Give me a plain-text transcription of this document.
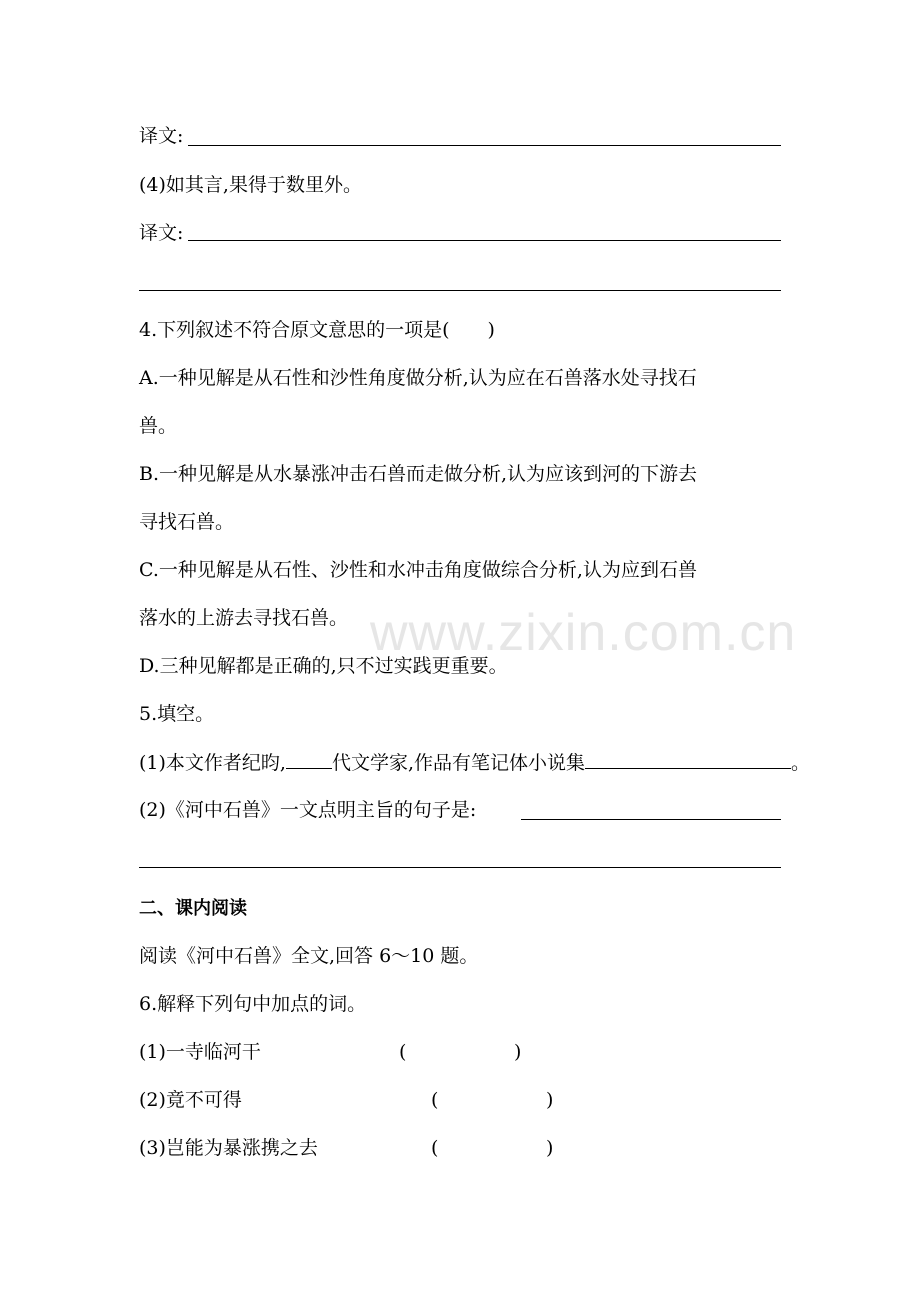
www.zixin.com.cn
译文:
(4)如其言,果得于数里外。
译文:
4.下列叙述不符合原文意思的一项是(　　)
A.一种见解是从石性和沙性角度做分析,认为应在石兽落水处寻找石
兽。
B.一种见解是从水暴涨冲击石兽而走做分析,认为应该到河的下游去
寻找石兽。
C.一种见解是从石性、沙性和水冲击角度做综合分析,认为应到石兽
落水的上游去寻找石兽。
D.三种见解都是正确的,只不过实践更重要。
5.填空。
(1)本文作者纪昀, 代文学家,作品有笔记体小说集	。
(2)《河中石兽》一文点明主旨的句子是:
二、课内阅读
阅读《河中石兽》全文,回答 6～10 题。
6.解释下列句中加点的词。
(1)一寺临河干	(	)
(2)竟不可得	(	)
(3)岂能为暴涨携之去	(	)
